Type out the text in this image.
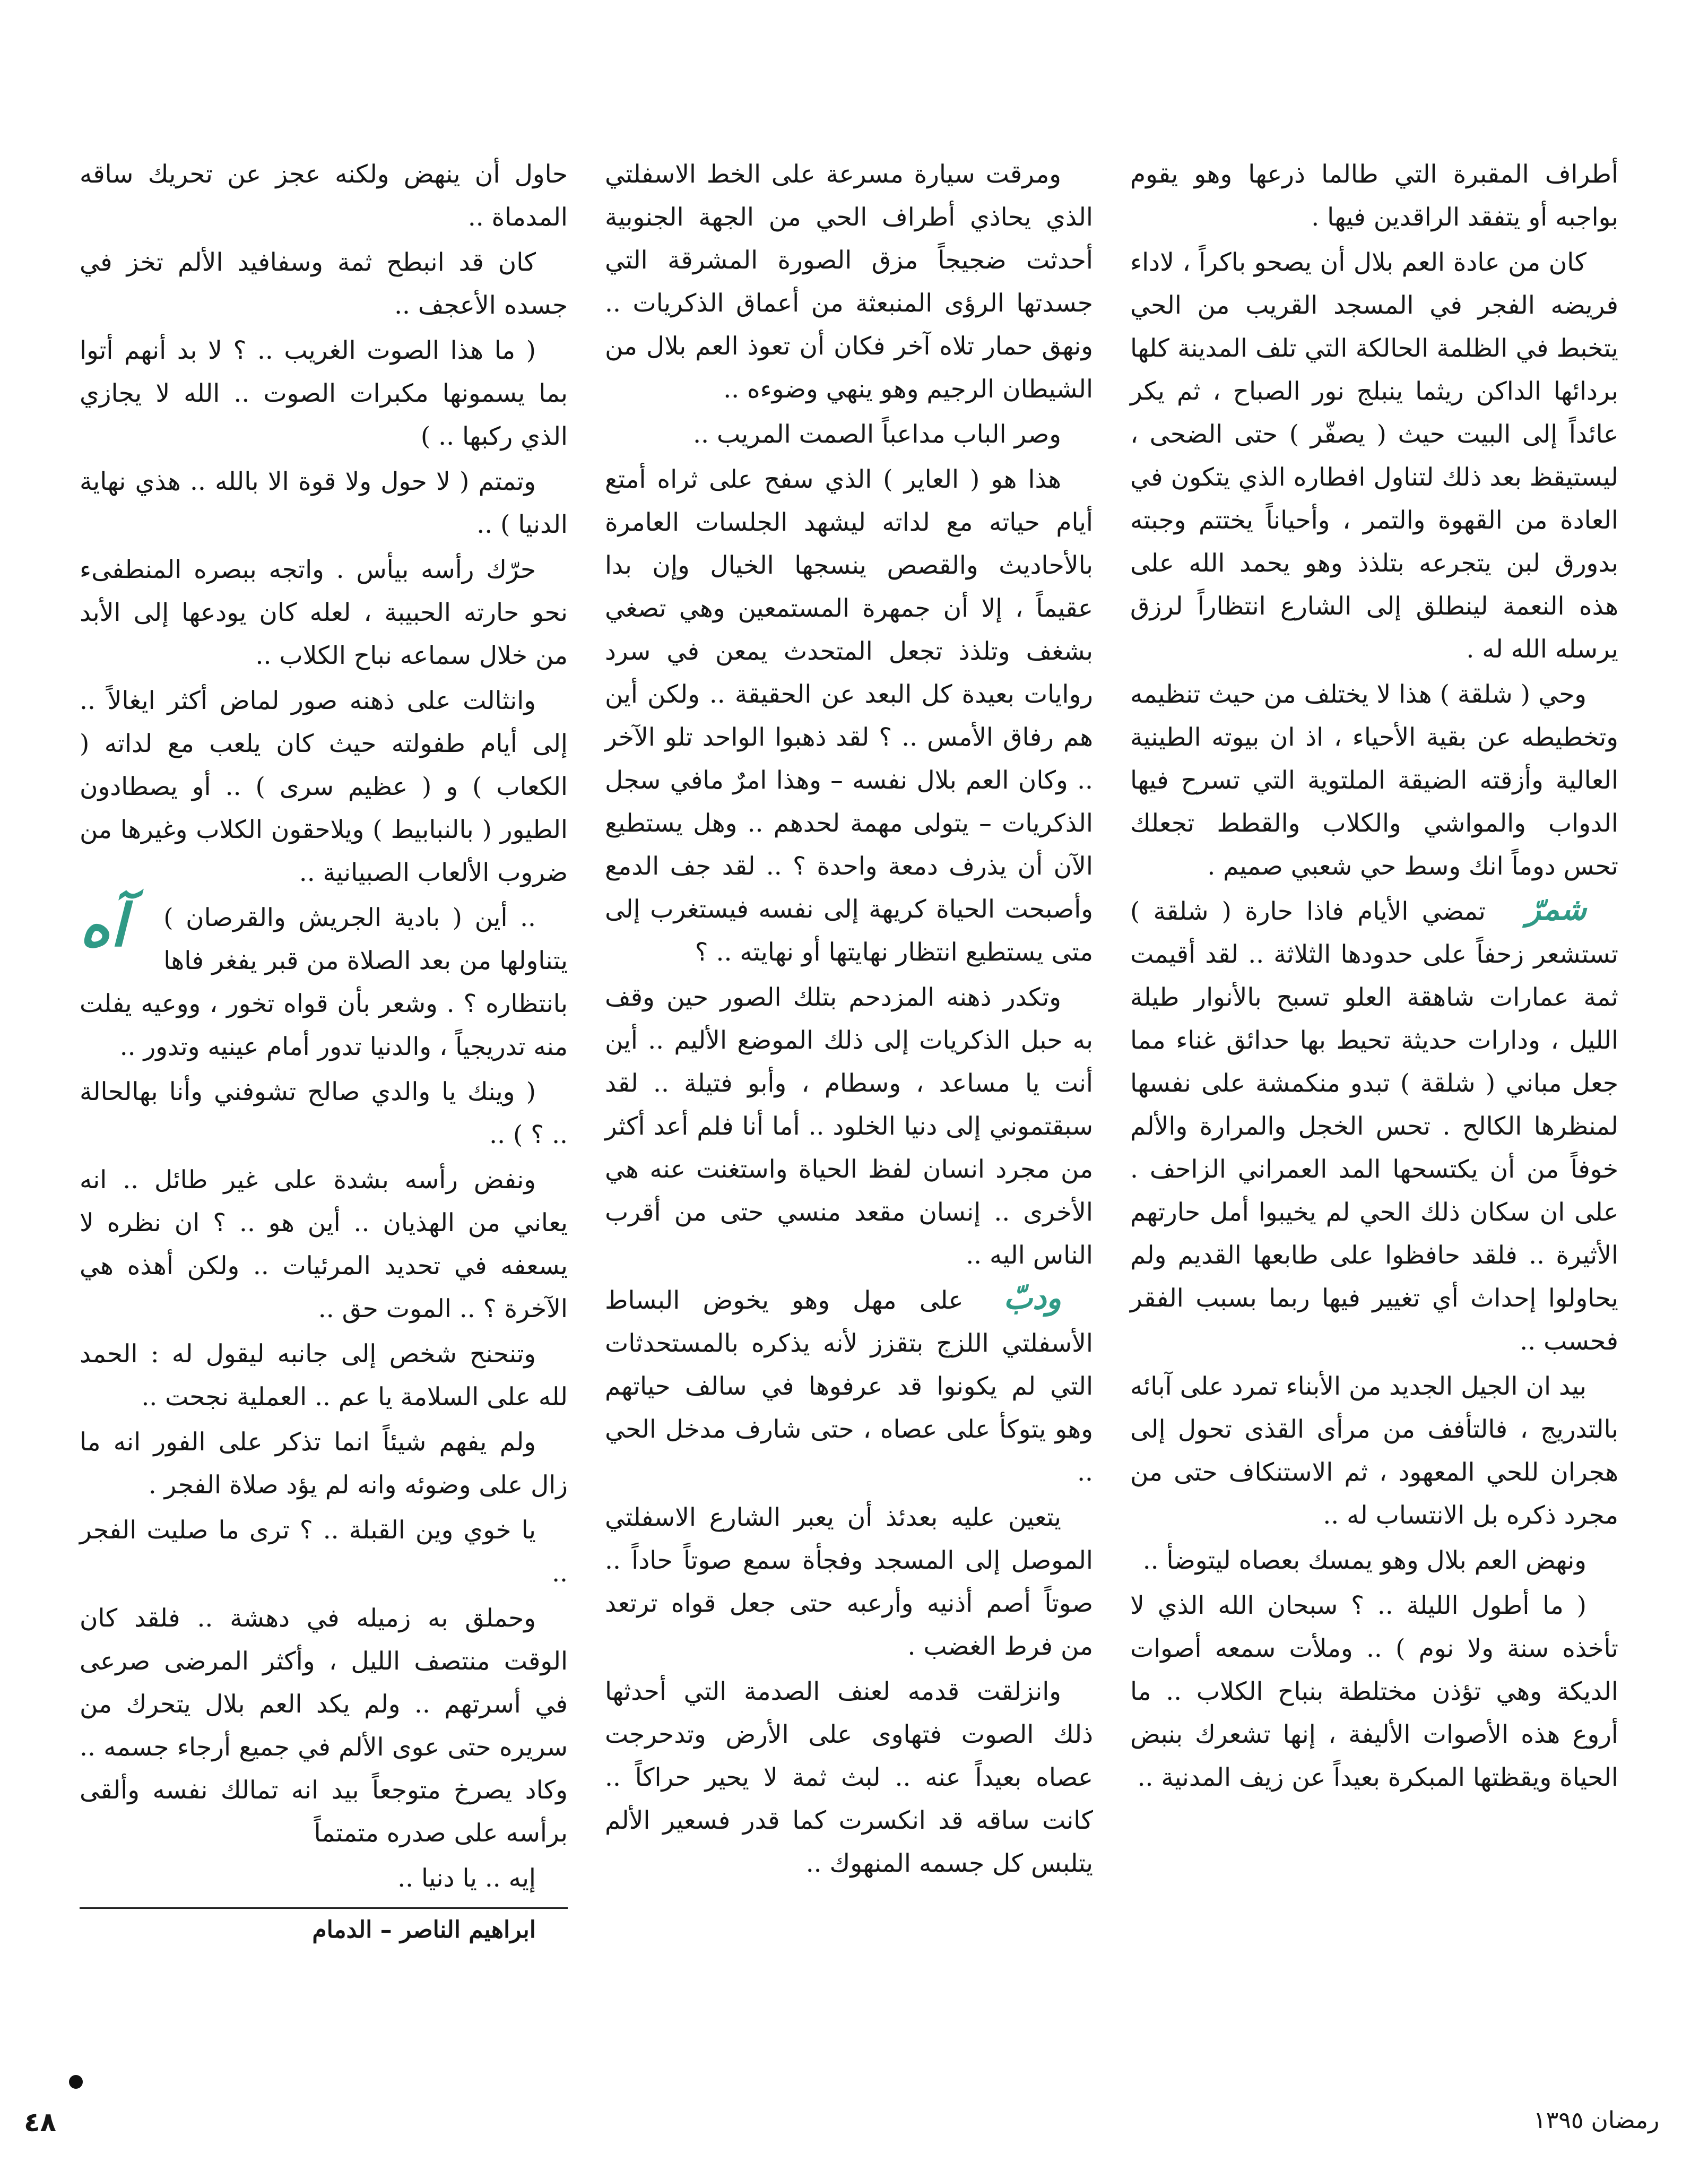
أطراف المقبرة التي طالما ذرعها وهو يقوم بواجبه أو يتفقد الراقدين فيها .

كان من عادة العم بلال أن يصحو باكراً ، لاداء فريضه الفجر في المسجد القريب من الحي يتخبط في الظلمة الحالكة التي تلف المدينة كلها بردائها الداكن ريثما ينبلج نور الصباح ، ثم يكر عائداً إلى البيت حيث ( يصفّر ) حتى الضحى ، ليستيقظ بعد ذلك لتناول افطاره الذي يتكون في العادة من القهوة والتمر ، وأحياناً يختتم وجبته بدورق لبن يتجرعه بتلذذ وهو يحمد الله على هذه النعمة لينطلق إلى الشارع انتظاراً لرزق يرسله الله له .

وحي ( شلقة ) هذا لا يختلف من حيث تنظيمه وتخطيطه عن بقية الأحياء ، اذ ان بيوته الطينية العالية وأزقته الضيقة الملتوية التي تسرح فيها الدواب والمواشي والكلاب والقطط تجعلك تحس دوماً انك وسط حي شعبي صميم .

شمرّ
تمضي الأيام فاذا حارة ( شلقة ) تستشعر زحفاً على حدودها الثلاثة .. لقد أقيمت ثمة عمارات شاهقة العلو تسبح بالأنوار طيلة الليل ، ودارات حديثة تحيط بها حدائق غناء مما جعل مباني ( شلقة ) تبدو منكمشة على نفسها لمنظرها الكالح . تحس الخجل والمرارة والألم خوفاً من أن يكتسحها المد العمراني الزاحف . على ان سكان ذلك الحي لم يخيبوا أمل حارتهم الأثيرة .. فلقد حافظوا على طابعها القديم ولم يحاولوا إحداث أي تغيير فيها ربما بسبب الفقر فحسب ..

بيد ان الجيل الجديد من الأبناء تمرد على آبائه بالتدريج ، فالتأفف من مرأى القذى تحول إلى هجران للحي المعهود ، ثم الاستنكاف حتى من مجرد ذكره بل الانتساب له ..

ونهض العم بلال وهو يمسك بعصاه ليتوضأ ..

( ما أطول الليلة .. ؟ سبحان الله الذي لا تأخذه سنة ولا نوم ) .. وملأت سمعه أصوات الديكة وهي تؤذن مختلطة بنباح الكلاب .. ما أروع هذه الأصوات الأليفة ، إنها تشعرك بنبض الحياة ويقظتها المبكرة بعيداً عن زيف المدنية ..

ومرقت سيارة مسرعة على الخط الاسفلتي الذي يحاذي أطراف الحي من الجهة الجنوبية أحدثت ضجيجاً مزق الصورة المشرقة التي جسدتها الرؤى المنبعثة من أعماق الذكريات .. ونهق حمار تلاه آخر فكان أن تعوذ العم بلال من الشيطان الرجيم وهو ينهي وضوءه ..

وصر الباب مداعباً الصمت المريب ..

هذا هو ( العاير ) الذي سفح على ثراه أمتع أيام حياته مع لداته ليشهد الجلسات العامرة بالأحاديث والقصص ينسجها الخيال وإن بدا عقيماً ، إلا أن جمهرة المستمعين وهي تصغي بشغف وتلذذ تجعل المتحدث يمعن في سرد روايات بعيدة كل البعد عن الحقيقة .. ولكن أين هم رفاق الأمس .. ؟ لقد ذهبوا الواحد تلو الآخر .. وكان العم بلال نفسه – وهذا امرٌ مافي سجل الذكريات – يتولى مهمة لحدهم .. وهل يستطيع الآن أن يذرف دمعة واحدة ؟ .. لقد جف الدمع وأصبحت الحياة كريهة إلى نفسه فيستغرب إلى متى يستطيع انتظار نهايتها أو نهايته .. ؟

وتكدر ذهنه المزدحم بتلك الصور حين وقف به حبل الذكريات إلى ذلك الموضع الأليم .. أين أنت يا مساعد ، وسطام ، وأبو فتيلة .. لقد سبقتموني إلى دنيا الخلود .. أما أنا فلم أعد أكثر من مجرد انسان لفظ الحياة واستغنت عنه هي الأخرى .. إنسان مقعد منسي حتى من أقرب الناس اليه ..

ودبّ
على مهل وهو يخوض البساط الأسفلتي اللزج بتقزز لأنه يذكره بالمستحدثات التي لم يكونوا قد عرفوها في سالف حياتهم وهو يتوكأ على عصاه ، حتى شارف مدخل الحي ..

يتعين عليه بعدئذ أن يعبر الشارع الاسفلتي الموصل إلى المسجد وفجأة سمع صوتاً حاداً .. صوتاً أصم أذنيه وأرعبه حتى جعل قواه ترتعد من فرط الغضب .

وانزلقت قدمه لعنف الصدمة التي أحدثها ذلك الصوت فتهاوى على الأرض وتدحرجت عصاه بعيداً عنه .. لبث ثمة لا يحير حراكاً .. كانت ساقه قد انكسرت كما قدر فسعير الألم يتلبس كل جسمه المنهوك ..

حاول أن ينهض ولكنه عجز عن تحريك ساقه المدماة ..

كان قد انبطح ثمة وسفافيد الألم تخز في جسده الأعجف ..

( ما هذا الصوت الغريب .. ؟ لا بد أنهم أتوا بما يسمونها مكبرات الصوت .. الله لا يجازي الذي ركبها .. )

وتمتم ( لا حول ولا قوة الا بالله .. هذي نهاية الدنيا ) ..

حرّك رأسه بيأس . واتجه ببصره المنطفىء نحو حارته الحبيبة ، لعله كان يودعها إلى الأبد من خلال سماعه نباح الكلاب ..

وانثالت على ذهنه صور لماض أكثر ايغالاً .. إلى أيام طفولته حيث كان يلعب مع لداته ( الكعاب ) و ( عظيم سرى ) .. أو يصطادون الطيور ( بالنبابيط ) ويلاحقون الكلاب وغيرها من ضروب الألعاب الصبيانية ..

آه	.. أين ( بادية الجريش والقرصان ) يتناولها من بعد الصلاة من قبر يفغر فاها بانتظاره ؟ . وشعر بأن قواه تخور ، ووعيه يفلت منه تدريجياً ، والدنيا تدور أمام عينيه وتدور ..

( وينك يا والدي صالح تشوفني وأنا بهالحالة .. ؟ ) ..

ونفض رأسه بشدة على غير طائل .. انه يعاني من الهذيان .. أين هو .. ؟ ان نظره لا يسعفه في تحديد المرئيات .. ولكن أهذه هي الآخرة ؟ .. الموت حق ..

وتنحنح شخص إلى جانبه ليقول له : الحمد لله على السلامة يا عم .. العملية نجحت ..

ولم يفهم شيئاً انما تذكر على الفور انه ما زال على وضوئه وانه لم يؤد صلاة الفجر .

يا خوي وين القبلة .. ؟ ترى ما صليت الفجر ..

وحملق به زميله في دهشة .. فلقد كان الوقت منتصف الليل ، وأكثر المرضى صرعى في أسرتهم .. ولم يكد العم بلال يتحرك من سريره حتى عوى الألم في جميع أرجاء جسمه .. وكاد يصرخ متوجعاً بيد انه تمالك نفسه وألقى برأسه على صدره متمتماً

إيه .. يا دنيا ..

ابراهيم الناصر – الدمام

٤٨	رمضان ١٣٩٥
